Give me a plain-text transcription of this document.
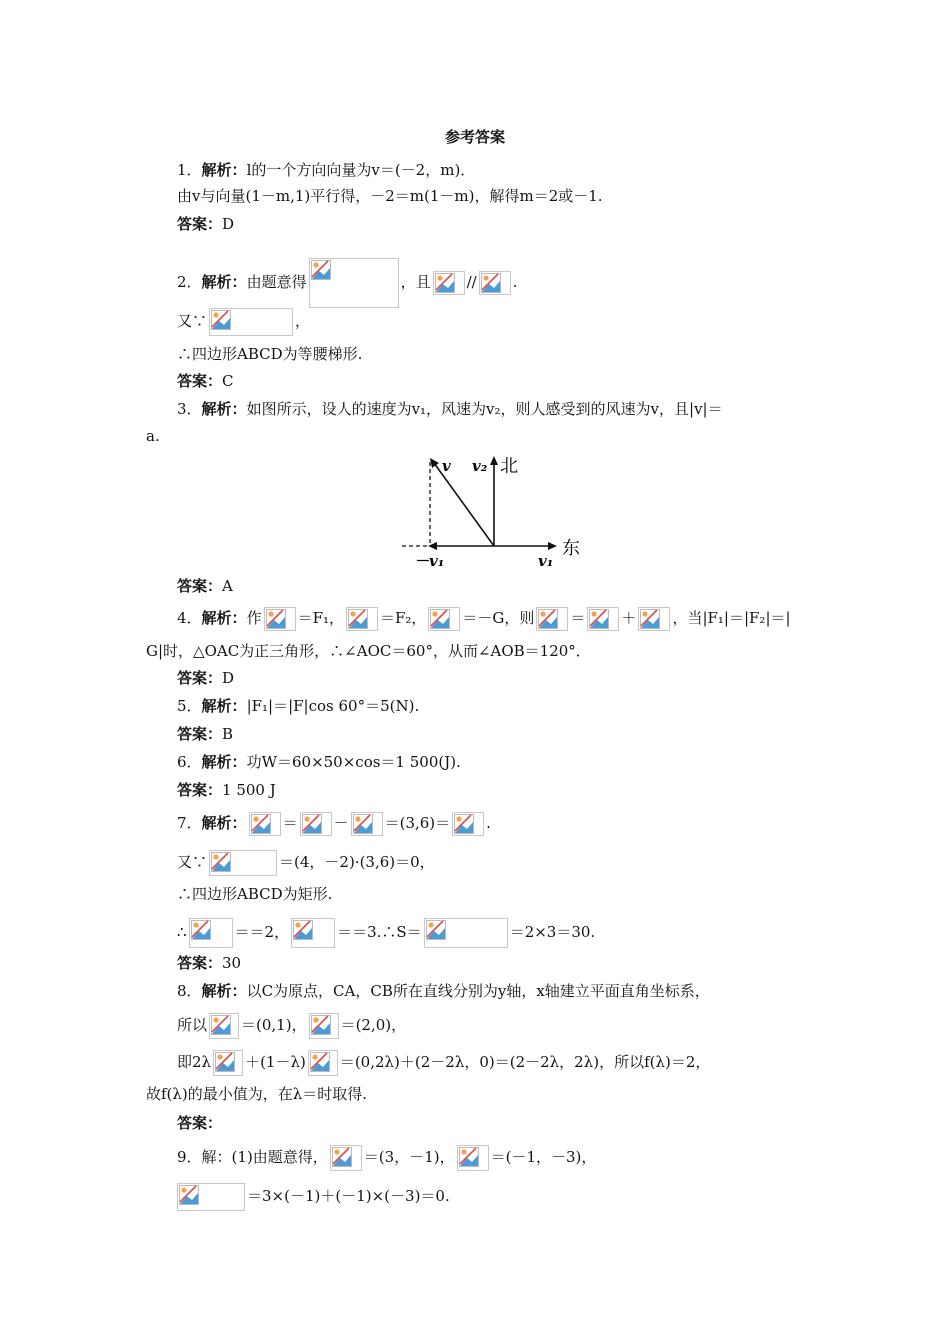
参考答案
1．解析：l的一个方向向量为v＝(－2，m)．
由v与向量(1－m,1)平行得，－2＝m(1－m)，解得m＝2或－1.
答案：D
2．解析：由题意得	，且 // .
又∵	，
∴四边形ABCD为等腰梯形.
答案：C
3．解析：如图所示，设人的速度为v₁，风速为v₂，则人感受到的风速为v，且|v|＝
a.
v v₂ 北
东
－v₁	v₁
答案：A
4．解析：作 ＝F₁， ＝F₂， ＝－G，则 ＝ ＋ ，当|F₁|＝|F₂|＝|
G|时，△OAC为正三角形，∴∠AOC＝60°，从而∠AOB＝120°．
答案：D
5．解析：|F₁|＝|F|cos 60°＝5(N).
答案：B
6．解析：功W＝60×50×cos＝1 500(J).
答案：1 500 J
7．解析： ＝ － ＝(3,6)＝ .
又∵	＝(4，－2)·(3,6)＝0，
∴四边形ABCD为矩形.
∴	＝＝2，	＝＝3.∴S＝	＝2×3＝30.
答案：30
8．解析：以C为原点，CA，CB所在直线分别为y轴，x轴建立平面直角坐标系，
所以 ＝(0,1)， ＝(2,0)，
即2λ ＋(1－λ) ＝(0,2λ)＋(2－2λ，0)＝(2－2λ，2λ)，所以f(λ)＝2，
故f(λ)的最小值为，在λ＝时取得.
答案：
9．解：(1)由题意得， ＝(3，－1)， ＝(－1，－3)，
＝3×(－1)＋(－1)×(－3)＝0.
